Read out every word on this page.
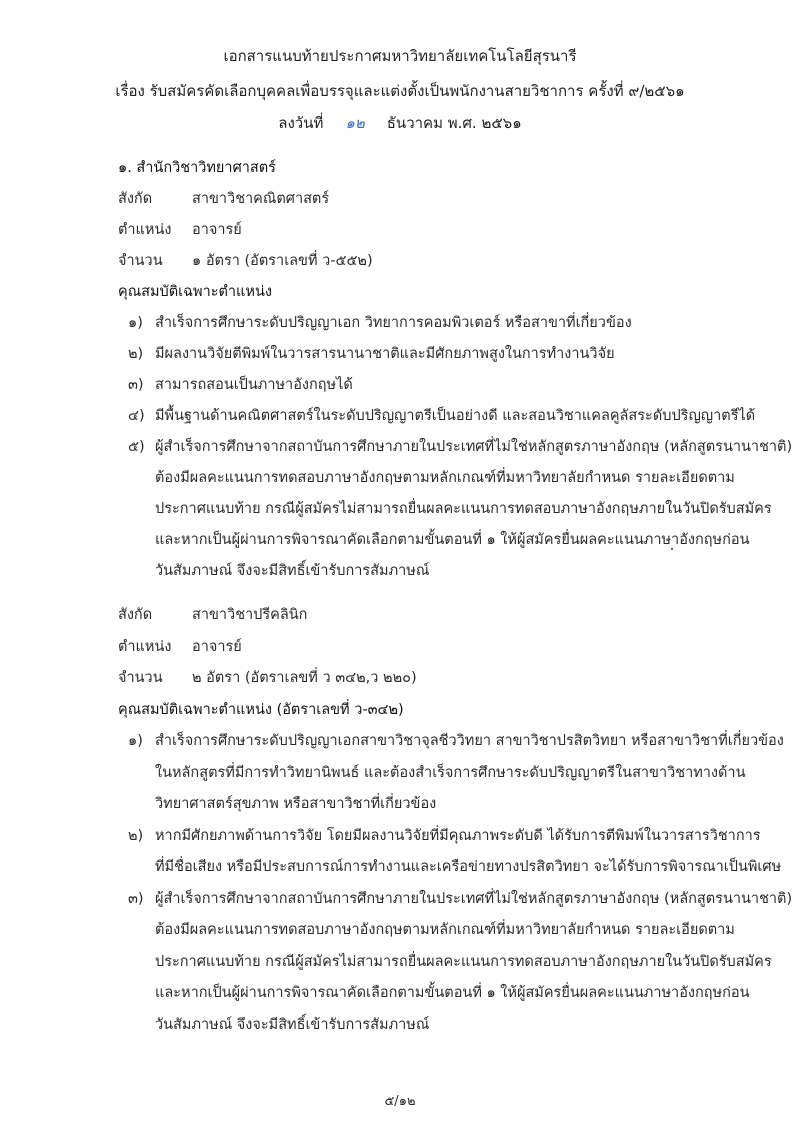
เอกสารแนบท้ายประกาศมหาวิทยาลัยเทคโนโลยีสุรนารี
เรื่อง รับสมัครคัดเลือกบุคคลเพื่อบรรจุและแต่งตั้งเป็นพนักงานสายวิชาการ ครั้งที่ ๙/๒๕๖๑
ลงวันที่ ๑๒ ธันวาคม พ.ศ. ๒๕๖๑
๑. สำนักวิชาวิทยาศาสตร์
สังกัด	สาขาวิชาคณิตศาสตร์
ตำแหน่ง อาจารย์
จำนวน ๑ อัตรา (อัตราเลขที่ ว-๕๕๒)
คุณสมบัติเฉพาะตำแหน่ง
๑) สำเร็จการศึกษาระดับปริญญาเอก วิทยาการคอมพิวเตอร์ หรือสาขาที่เกี่ยวข้อง
๒) มีผลงานวิจัยตีพิมพ์ในวารสารนานาชาติและมีศักยภาพสูงในการทำงานวิจัย
๓) สามารถสอนเป็นภาษาอังกฤษได้
๔) มีพื้นฐานด้านคณิตศาสตร์ในระดับปริญญาตรีเป็นอย่างดี และสอนวิชาแคลคูลัสระดับปริญญาตรีได้
๕) ผู้สำเร็จการศึกษาจากสถาบันการศึกษาภายในประเทศที่ไม่ใช่หลักสูตรภาษาอังกฤษ (หลักสูตรนานาชาติ)
ต้องมีผลคะแนนการทดสอบภาษาอังกฤษตามหลักเกณฑ์ที่มหาวิทยาลัยกำหนด รายละเอียดตาม
ประกาศแนบท้าย กรณีผู้สมัครไม่สามารถยื่นผลคะแนนการทดสอบภาษาอังกฤษภายในวันปิดรับสมัคร
และหากเป็นผู้ผ่านการพิจารณาคัดเลือกตามขั้นตอนที่ ๑ ให้ผู้สมัครยื่นผลคะแนนภาษาอังกฤษก่อน
วันสัมภาษณ์ จึงจะมีสิทธิ์เข้ารับการสัมภาษณ์
สังกัด	สาขาวิชาปรีคลินิก
ตำแหน่ง อาจารย์
จำนวน ๒ อัตรา (อัตราเลขที่ ว ๓๔๒,ว ๒๒๐)
คุณสมบัติเฉพาะตำแหน่ง (อัตราเลขที่ ว-๓๔๒)
๑) สำเร็จการศึกษาระดับปริญญาเอกสาขาวิชาจุลชีววิทยา สาขาวิชาปรสิตวิทยา หรือสาขาวิชาที่เกี่ยวข้อง
ในหลักสูตรที่มีการทำวิทยานิพนธ์ และต้องสำเร็จการศึกษาระดับปริญญาตรีในสาขาวิชาทางด้าน
วิทยาศาสตร์สุขภาพ หรือสาขาวิชาที่เกี่ยวข้อง
๒) หากมีศักยภาพด้านการวิจัย โดยมีผลงานวิจัยที่มีคุณภาพระดับดี ได้รับการตีพิมพ์ในวารสารวิชาการ
ที่มีชื่อเสียง หรือมีประสบการณ์การทำงานและเครือข่ายทางปรสิตวิทยา จะได้รับการพิจารณาเป็นพิเศษ
๓) ผู้สำเร็จการศึกษาจากสถาบันการศึกษาภายในประเทศที่ไม่ใช่หลักสูตรภาษาอังกฤษ (หลักสูตรนานาชาติ)
ต้องมีผลคะแนนการทดสอบภาษาอังกฤษตามหลักเกณฑ์ที่มหาวิทยาลัยกำหนด รายละเอียดตาม
ประกาศแนบท้าย กรณีผู้สมัครไม่สามารถยื่นผลคะแนนการทดสอบภาษาอังกฤษภายในวันปิดรับสมัคร
และหากเป็นผู้ผ่านการพิจารณาคัดเลือกตามขั้นตอนที่ ๑ ให้ผู้สมัครยื่นผลคะแนนภาษาอังกฤษก่อน
วันสัมภาษณ์ จึงจะมีสิทธิ์เข้ารับการสัมภาษณ์
๕/๑๒
